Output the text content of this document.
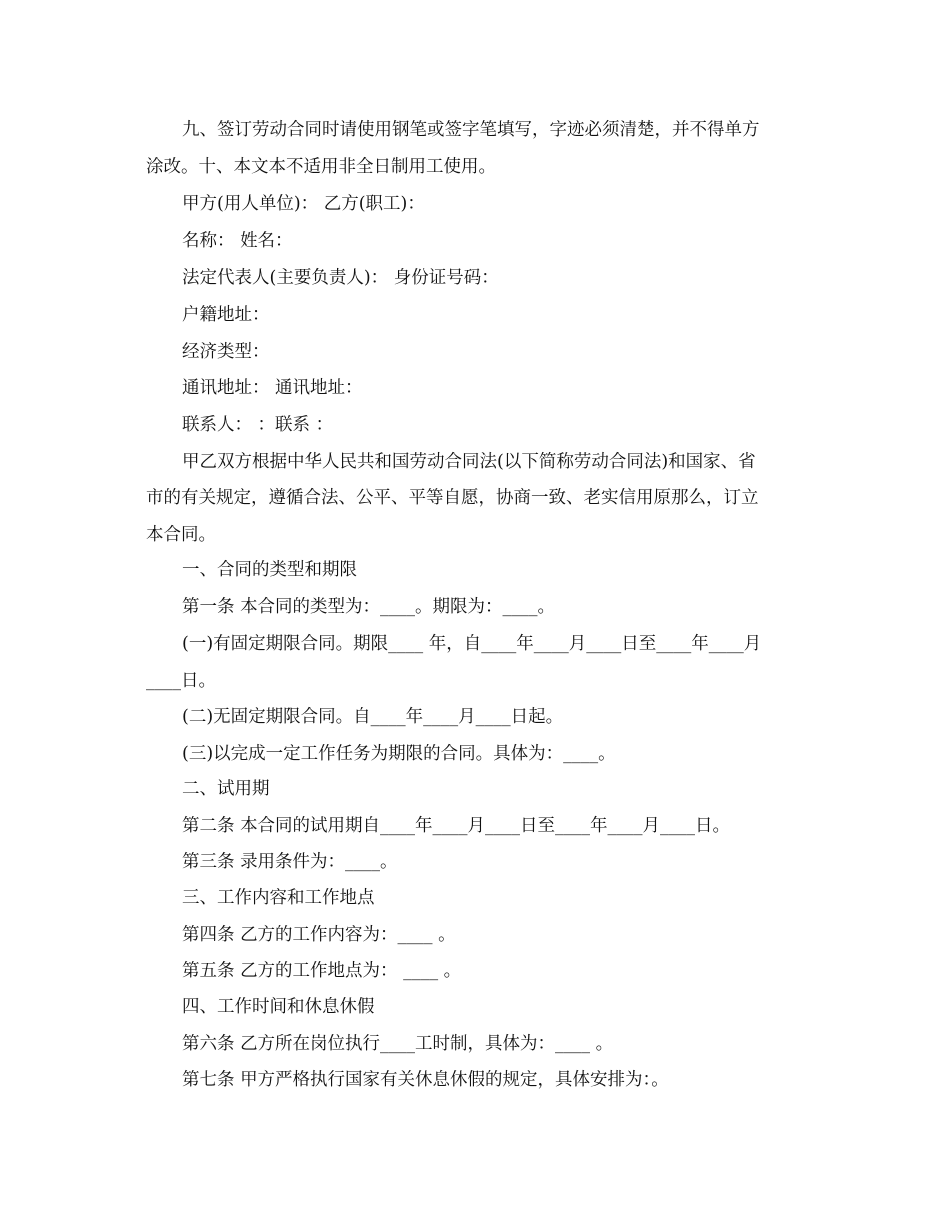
九、签订劳动合同时请使用钢笔或签字笔填写，字迹必须清楚，并不得单方

涂改。十、本文本不适用非全日制用工使用。

甲方(用人单位)： 乙方(职工)：

名称： 姓名：

法定代表人(主要负责人)： 身份证号码：

户籍地址：

经济类型：

通讯地址： 通讯地址：

联系人： ：联系 ：

甲乙双方根据中华人民共和国劳动合同法(以下简称劳动合同法)和国家、省

市的有关规定，遵循合法、公平、平等自愿，协商一致、老实信用原那么，订立

本合同。

一、合同的类型和期限

第一条 本合同的类型为：____。期限为：____。

(一)有固定期限合同。期限____ 年，自____年____月____日至____年____月

____日。

(二)无固定期限合同。自____年____月____日起。

(三)以完成一定工作任务为期限的合同。具体为：____。

二、试用期

第二条 本合同的试用期自____年____月____日至____年____月____日。

第三条 录用条件为：____。

三、工作内容和工作地点

第四条 乙方的工作内容为：____ 。

第五条 乙方的工作地点为： ____ 。

四、工作时间和休息休假

第六条 乙方所在岗位执行____工时制，具体为：____ 。

第七条 甲方严格执行国家有关休息休假的规定，具体安排为：。
